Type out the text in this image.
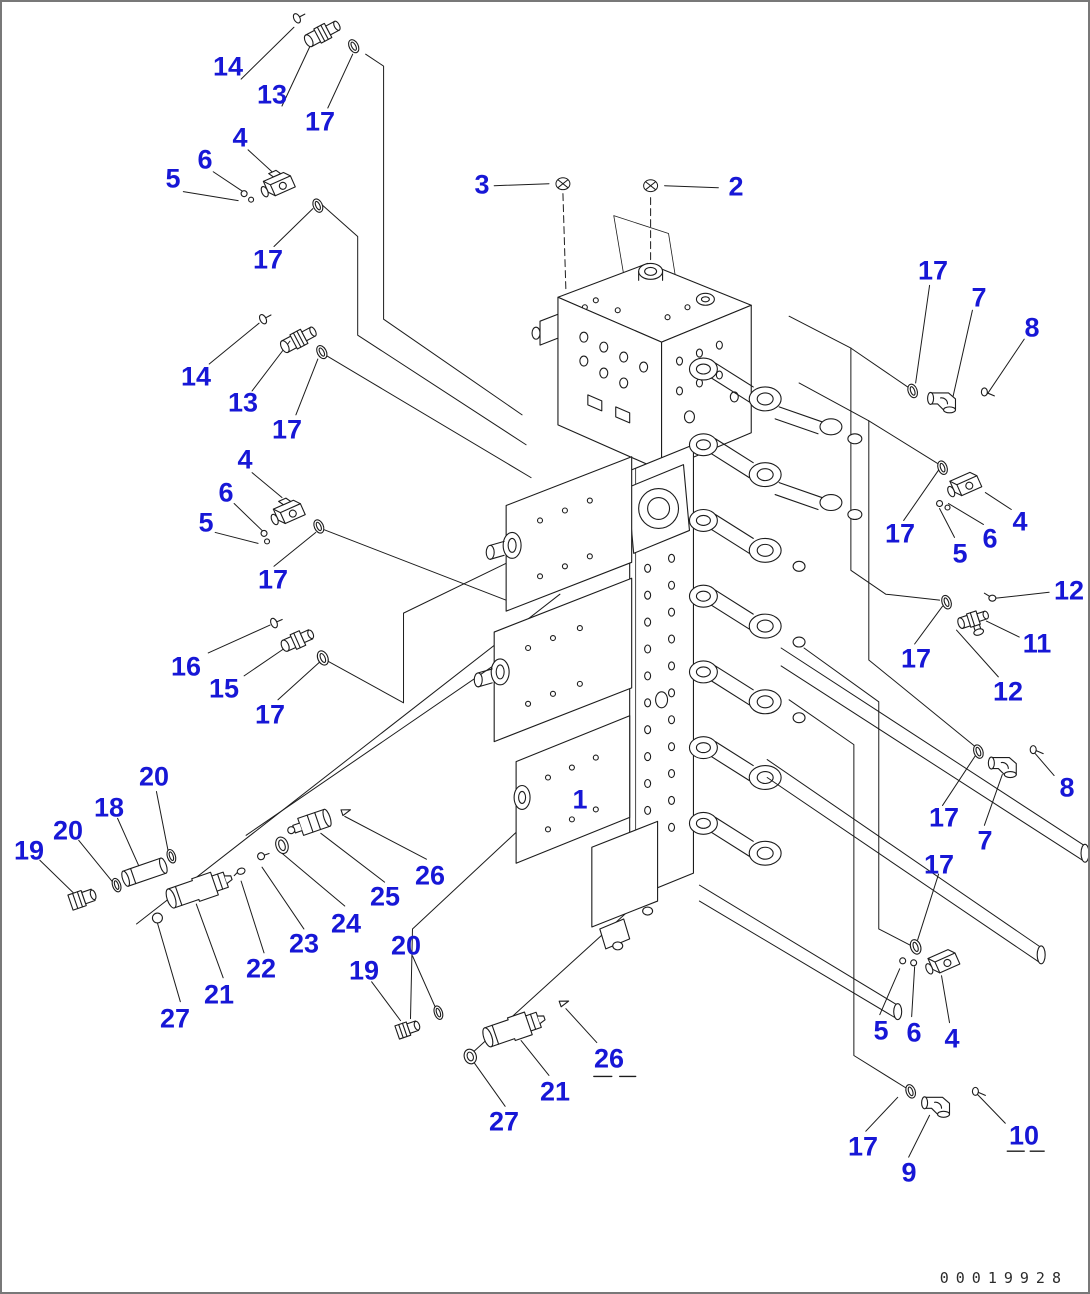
14
13
17
4
6
5
17
3	2
14
13
17
4
6
5
17
16
15
17
17
7
8
17
5 6
4
12
11
12
17
8
17
7
1
17
5 6 4
17
9
10
19
20
18
20
27
21
22
23
24
25
26
19
20
27
21
26
00019928
